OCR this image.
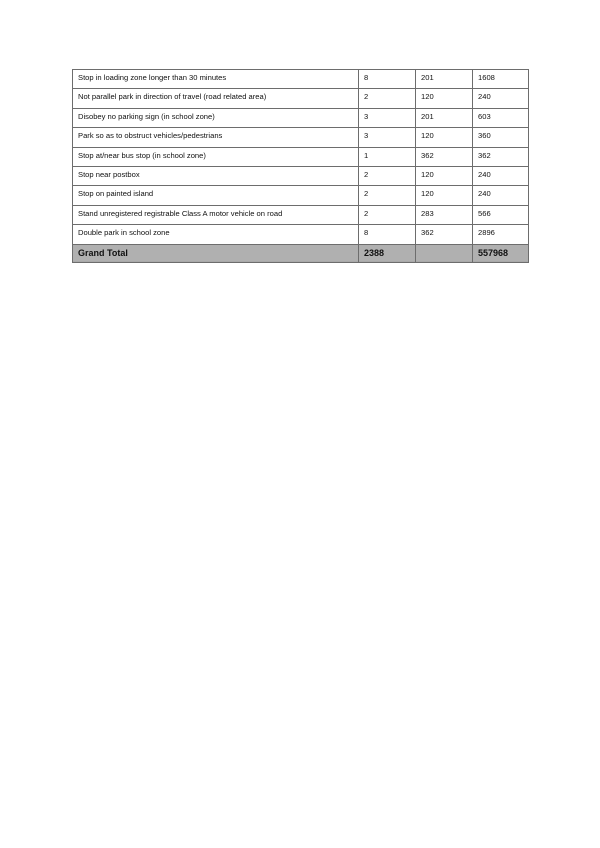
Stop in loading zone longer than 30 minutes	8	201	1608
Not parallel park in direction of travel (road related area)	2	120	240
Disobey no parking sign (in school zone)	3	201	603
Park so as to obstruct vehicles/pedestrians	3	120	360
Stop at/near bus stop (in school zone)	1	362	362
Stop near postbox	2	120	240
Stop on painted island	2	120	240
Stand unregistered registrable Class A motor vehicle on road	2	283	566
Double park in school zone	8	362	2896
Grand Total	2388		557968
